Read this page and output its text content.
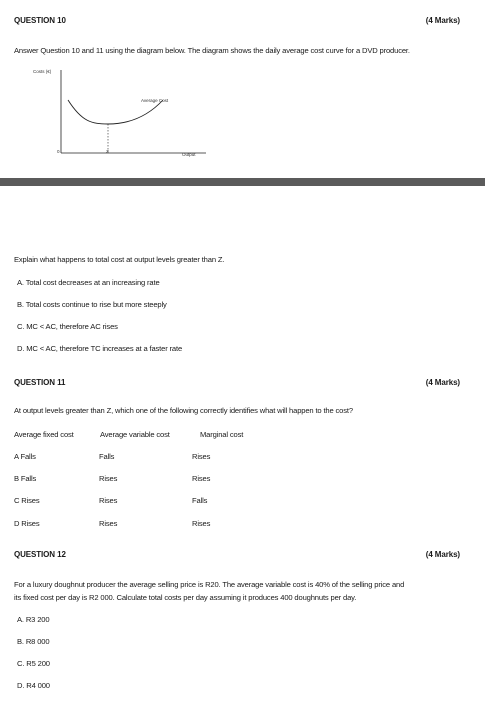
QUESTION 10	(4 Marks)
Answer Question 10 and 11 using the diagram below. The diagram shows the daily average cost curve for a DVD producer.
Costs (€)
Average Cost
Output
0	Z
Explain what happens to total cost at output levels greater than Z.
A. Total cost decreases at an increasing rate
B. Total costs continue to rise but more steeply
C. MC < AC, therefore AC rises
D. MC < AC, therefore TC increases at a faster rate
QUESTION 11	(4 Marks)
At output levels greater than Z, which one of the following correctly identifies what will happen to the cost?
Average fixed cost	Average variable cost	Marginal cost
A Falls	Falls	Rises
B Falls	Rises	Rises
C Rises	Rises	Falls
D Rises	Rises	Rises
QUESTION 12	(4 Marks)
For a luxury doughnut producer the average selling price is R20. The average variable cost is 40% of the selling price and
its fixed cost per day is R2 000. Calculate total costs per day assuming it produces 400 doughnuts per day.
A. R3 200
B. R8 000
C. R5 200
D. R4 000
